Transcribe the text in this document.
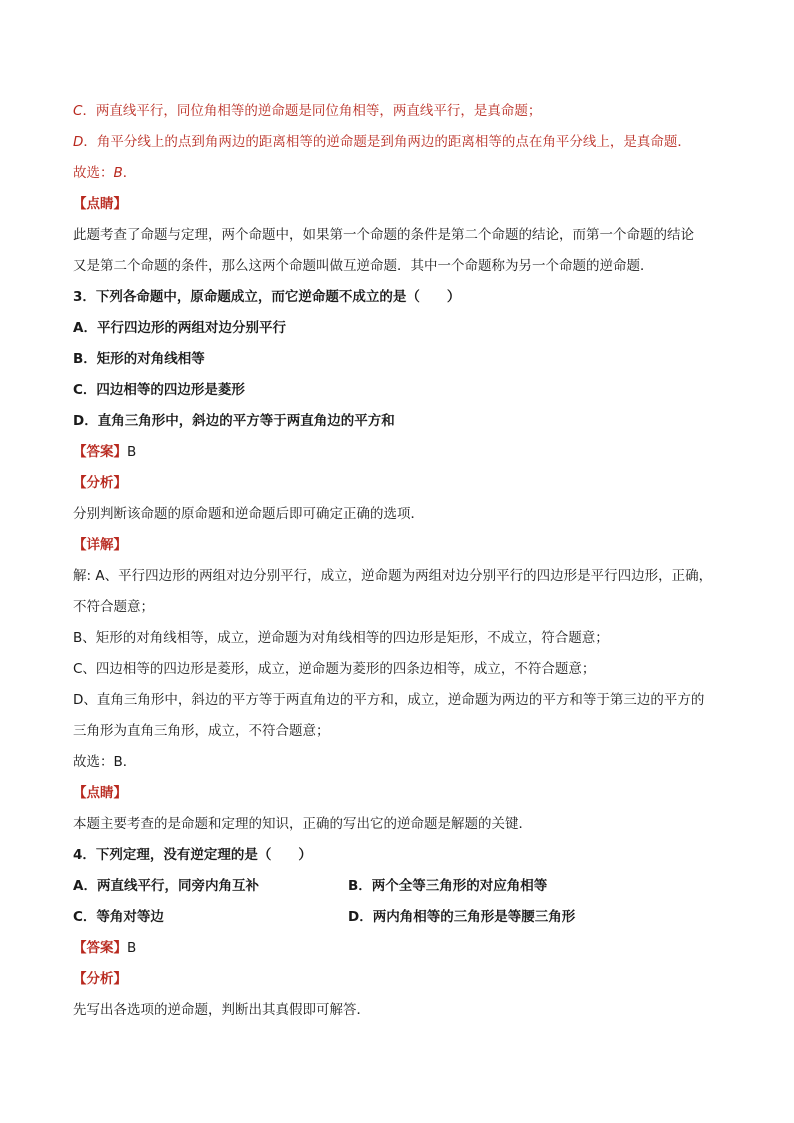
C．两直线平行，同位角相等的逆命题是同位角相等，两直线平行，是真命题；
D．角平分线上的点到角两边的距离相等的逆命题是到角两边的距离相等的点在角平分线上，是真命题．
故选：B．
【点睛】
此题考查了命题与定理，两个命题中，如果第一个命题的条件是第二个命题的结论，而第一个命题的结论
又是第二个命题的条件，那么这两个命题叫做互逆命题．其中一个命题称为另一个命题的逆命题．
3．下列各命题中，原命题成立，而它逆命题不成立的是（　　）
A．平行四边形的两组对边分别平行
B．矩形的对角线相等
C．四边相等的四边形是菱形
D．直角三角形中，斜边的平方等于两直角边的平方和
【答案】B
【分析】
分别判断该命题的原命题和逆命题后即可确定正确的选项．
【详解】
解: A、平行四边形的两组对边分别平行，成立，逆命题为两组对边分别平行的四边形是平行四边形，正确，
不符合题意；
B、矩形的对角线相等，成立，逆命题为对角线相等的四边形是矩形，不成立，符合题意；
C、四边相等的四边形是菱形，成立，逆命题为菱形的四条边相等，成立，不符合题意；
D、直角三角形中，斜边的平方等于两直角边的平方和，成立，逆命题为两边的平方和等于第三边的平方的
三角形为直角三角形，成立，不符合题意；
故选：B．
【点睛】
本题主要考查的是命题和定理的知识，正确的写出它的逆命题是解题的关键．
4．下列定理，没有逆定理的是（　　）
A．两直线平行，同旁内角互补	B．两个全等三角形的对应角相等
C．等角对等边	D．两内角相等的三角形是等腰三角形
【答案】B
【分析】
先写出各选项的逆命题，判断出其真假即可解答．
